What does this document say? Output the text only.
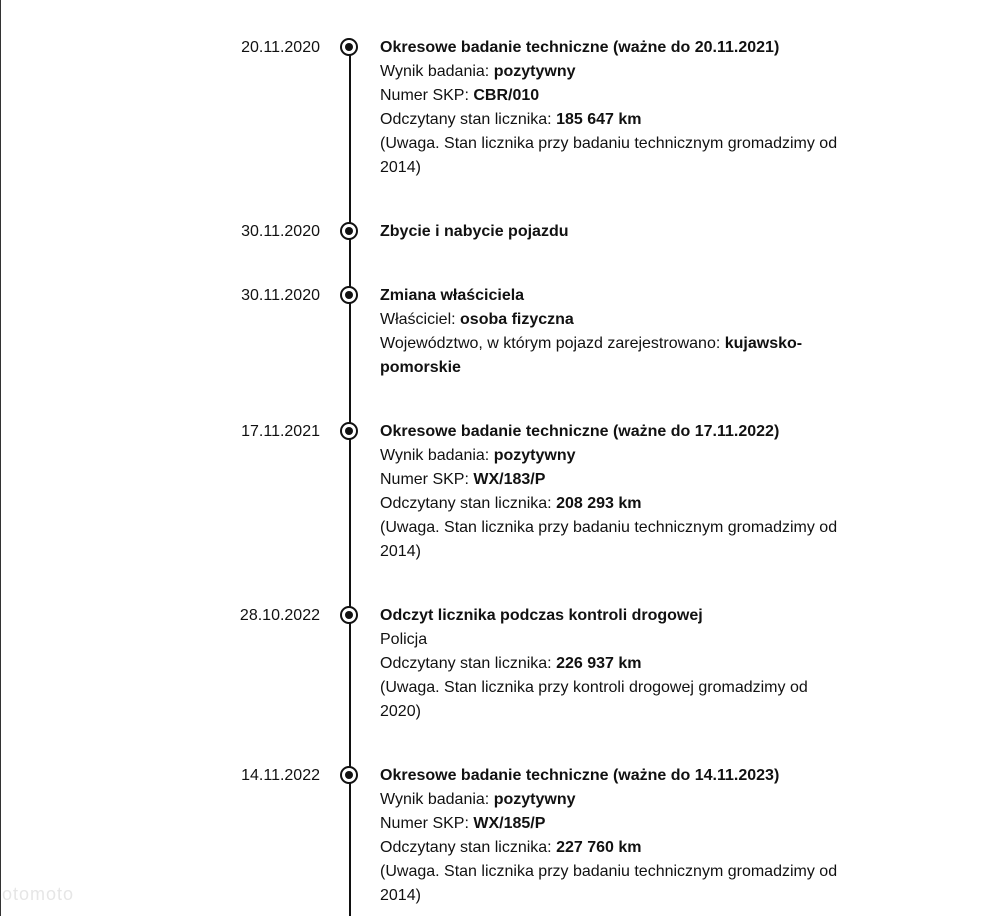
20.11.2020	Okresowe badanie techniczne (ważne do 20.11.2021)
Wynik badania: pozytywny
Numer SKP: CBR/010
Odczytany stan licznika: 185 647 km
(Uwaga. Stan licznika przy badaniu technicznym gromadzimy od 2014)
30.11.2020	Zbycie i nabycie pojazdu
30.11.2020	Zmiana właściciela
Właściciel: osoba fizyczna
Województwo, w którym pojazd zarejestrowano: kujawsko-pomorskie
17.11.2021	Okresowe badanie techniczne (ważne do 17.11.2022)
Wynik badania: pozytywny
Numer SKP: WX/183/P
Odczytany stan licznika: 208 293 km
(Uwaga. Stan licznika przy badaniu technicznym gromadzimy od 2014)
28.10.2022	Odczyt licznika podczas kontroli drogowej
Policja
Odczytany stan licznika: 226 937 km
(Uwaga. Stan licznika przy kontroli drogowej gromadzimy od 2020)
14.11.2022	Okresowe badanie techniczne (ważne do 14.11.2023)
Wynik badania: pozytywny
Numer SKP: WX/185/P
Odczytany stan licznika: 227 760 km
(Uwaga. Stan licznika przy badaniu technicznym gromadzimy od 2014)
otomoto
